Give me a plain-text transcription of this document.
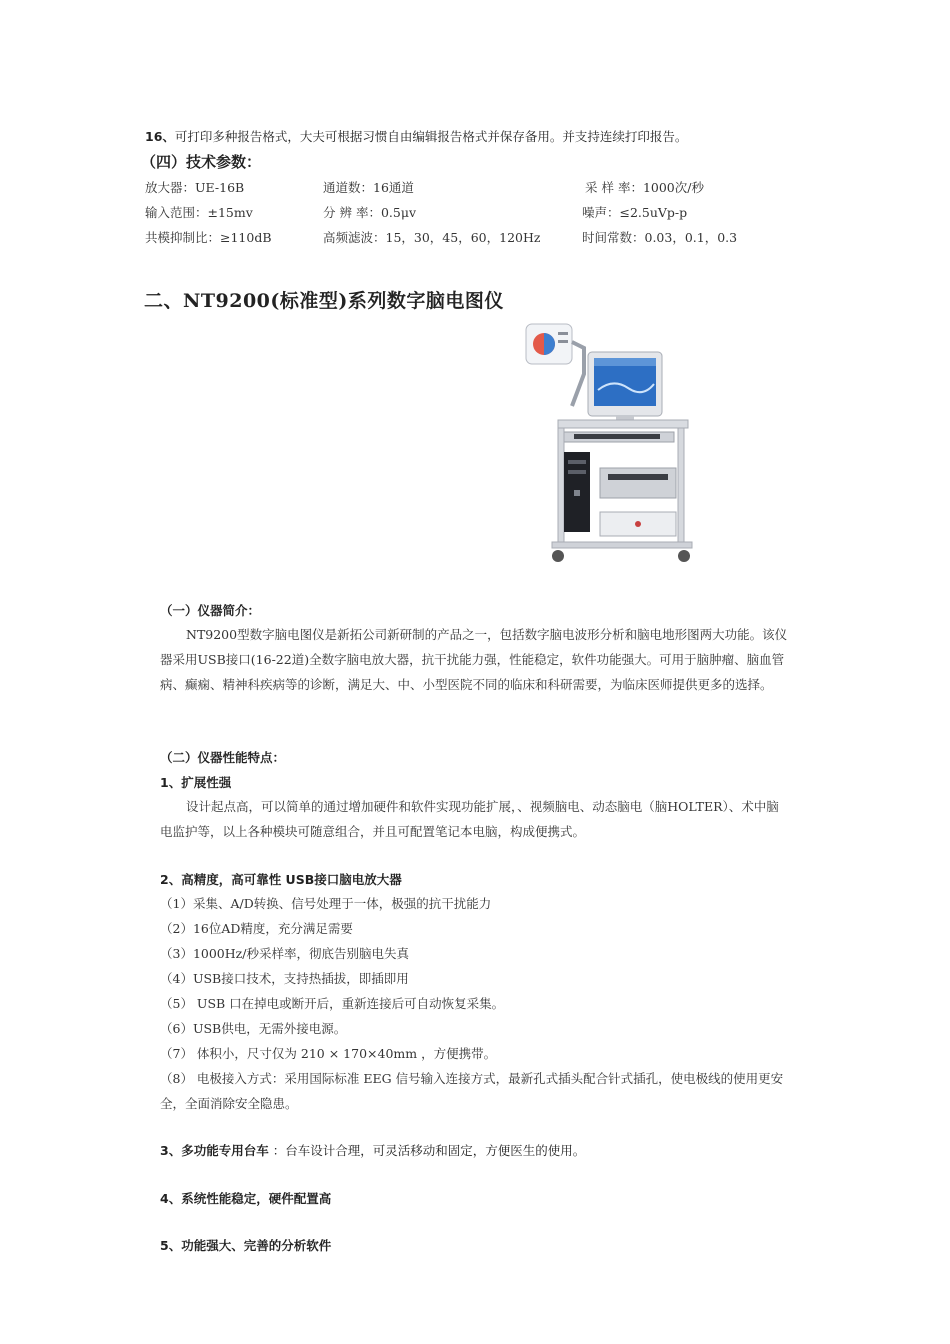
16、可打印多种报告格式，大夫可根据习惯自由编辑报告格式并保存备用。并支持连续打印报告。
（四）技术参数：
放大器：UE-16B	通道数：16通道	采 样 率：1000次/秒
输入范围：±15mv	分 辨 率：0.5μv	噪声：≤2.5uVp-p
共模抑制比：≥110dB	高频滤波：15，30，45，60，120Hz	时间常数：0.03，0.1，0.3
二、NT9200(标准型)系列数字脑电图仪
（一）仪器简介：
NT9200型数字脑电图仪是新拓公司新研制的产品之一，包括数字脑电波形分析和脑电地形图两大功能。该仪器采用USB接口(16-22道)全数字脑电放大器，抗干扰能力强，性能稳定，软件功能强大。可用于脑肿瘤、脑血管病、癫痫、精神科疾病等的诊断，满足大、中、小型医院不同的临床和科研需要，为临床医师提供更多的选择。
（二）仪器性能特点：
1、扩展性强
设计起点高，可以简单的通过增加硬件和软件实现功能扩展，、视频脑电、动态脑电（脑HOLTER）、术中脑电监护等，以上各种模块可随意组合，并且可配置笔记本电脑，构成便携式。
2、高精度，高可靠性 USB接口脑电放大器
（1）采集、A/D转换、信号处理于一体，极强的抗干扰能力
（2）16位AD精度，充分满足需要
（3）1000Hz/秒采样率，彻底告别脑电失真
（4）USB接口技术，支持热插拔，即插即用
（5） USB 口在掉电或断开后，重新连接后可自动恢复采集。
（6）USB供电，无需外接电源。
（7） 体积小，尺寸仅为 210 × 170×40mm ，方便携带。
（8） 电极接入方式：采用国际标准 EEG 信号输入连接方式，最新孔式插头配合针式插孔，使电极线的使用更安全，全面消除安全隐患。
3、多功能专用台车 ：台车设计合理，可灵活移动和固定，方便医生的使用。
4、系统性能稳定，硬件配置高
5、功能强大、完善的分析软件
